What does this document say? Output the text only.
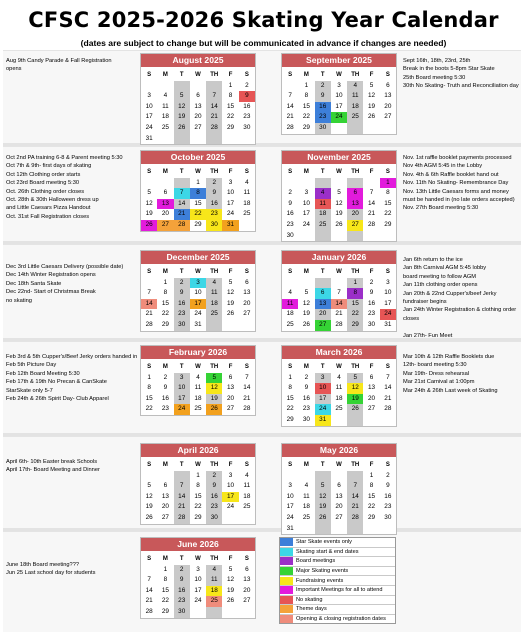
CFSC 2025-2026 Skating Year Calendar
(dates are subject to change but will be communicated in advance if changes are needed)
August 2025
S	M	T	W	TH	F	S
					1	2
3	4	5	6	7	8	9
10	11	12	13	14	15	16
17	18	19	20	21	22	23
24	25	26	27	28	29	30
31						
September 2025
S	M	T	W	TH	F	S
	1	2	3	4	5	6
7	8	9	10	11	12	13
14	15	16	17	18	19	20
21	22	23	24	25	26	27
28	29	30				
October 2025
S	M	T	W	TH	F	S
			1	2	3	4
5	6	7	8	9	10	11
12	13	14	15	16	17	18
19	20	21	22	23	24	25
26	27	28	29	30	31	
November 2025
S	M	T	W	TH	F	S
						1
2	3	4	5	6	7	8
9	10	11	12	13	14	15
16	17	18	19	20	21	22
23	24	25	26	27	28	29
30						
December 2025
S	M	T	W	TH	F	S
	1	2	3	4	5	6
7	8	9	10	11	12	13
14	15	16	17	18	19	20
21	22	23	24	25	26	27
28	29	30	31			
January 2026
S	M	T	W	TH	F	S
				1	2	3
4	5	6	7	8	9	10
11	12	13	14	15	16	17
18	19	20	21	22	23	24
25	26	27	28	29	30	31
February 2026
S	M	T	W	TH	F	S
1	2	3	4	5	6	7
8	9	10	11	12	13	14
15	16	17	18	19	20	21
22	23	24	25	26	27	28
March 2026
S	M	T	W	TH	F	S
1	2	3	4	5	6	7
8	9	10	11	12	13	14
15	16	17	18	19	20	21
22	23	24	25	26	27	28
29	30	31				
April 2026
S	M	T	W	TH	F	S
			1	2	3	4
5	6	7	8	9	10	11
12	13	14	15	16	17	18
19	20	21	22	23	24	25
26	27	28	29	30		
May 2026
S	M	T	W	TH	F	S
					1	2
3	4	5	6	7	8	9
10	11	12	13	14	15	16
17	18	19	20	21	22	23
24	25	26	27	28	29	30
31						
June 2026
S	M	T	W	TH	F	S
	1	2	3	4	5	6
7	8	9	10	11	12	13
14	15	16	17	18	19	20
21	22	23	24	25	26	27
28	29	30				
Aug 9th Candy Parade & Fall Registration
opens
Sept 16th, 18th, 23rd, 25th
Break in the boots 5-8pm Star Skate
25th Board meeting 5:30
30th No Skating- Truth and Reconciliation day
Oct 2nd PA training 6-8 & Parent meeting 5:30
Oct 7th & 9th- first days of skating
Oct 12th Clothing order starts
Oct 23rd Board meeting 5:30
Oct. 26th Clothing order closes
Oct. 28th & 30th Halloween dress up
and Little Caesars Pizza Handout
Oct. 31st Fall Registration closes
Nov. 1st raffle booklet payments processed
Nov 4th AGM 5:45 in the Lobby
Nov. 4th & 6th Raffle booklet hand out
Nov. 11th No Skating- Remembrance Day
Nov. 13th Little Caesars forms and money
must be handed in (no late orders accepted)
Nov. 27th Board meeting 5:30
Dec 3rd Little Caesars Delivery (possible date)
Dec 14th Winter Registration opens
Dec 18th Santa Skate
Dec 22nd- Start of Christmas Break
no skating
Jan 6th return to the ice
Jan 8th Carnival AGM 5:45 lobby
board meeting to follow AGM
Jan 11th clothing order opens
Jan 20th & 22nd Cupper's/beef Jerky
fundraiser begins
Jan 24th Winter Registration & clothing order
closes

Jan 27th- Fun Meet
Feb 3rd & 5th Cupper's/Beef Jerky orders handed in
Feb 5th Picture Day
Feb 12th Board Meeting 5:30
Feb 17th & 19th No Precan & CanSkate
StarSkate only 5-7
Feb 24th & 26th Spirit Day- Club Apparel
Mar 10th & 12th Raffle Booklets due
12th- board meeting 5:30
Mar 19th- Dress rehearsal
Mar 21st Carnival at 1:00pm
Mar 24th & 26th Last week of Skating
April 6th- 10th Easter break Schools
April 17th- Board Meeting and Dinner
June 18th Board meeting???
Jun 25 Last school day for students
Star Skate events only
Skating start & end dates
Board meetings
Major Skating events
Fundraising events
Important Meetings for all to attend
No skating
Theme days
Opening & closing registration dates
